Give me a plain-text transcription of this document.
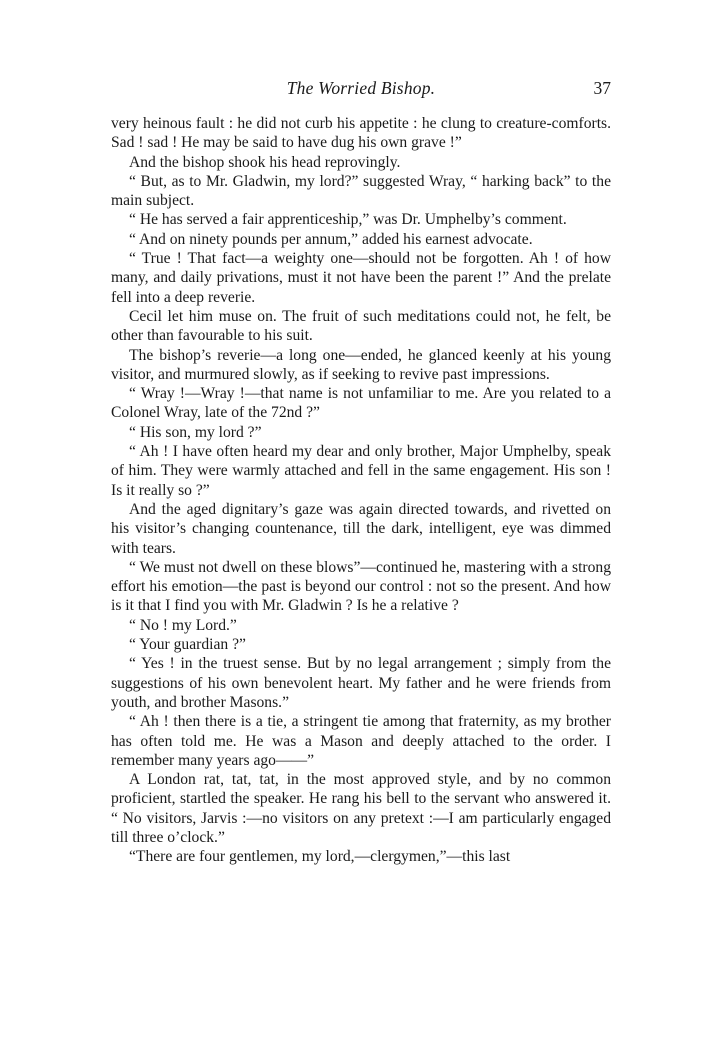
The Worried Bishop.	37

very heinous fault : he did not curb his appetite : he clung to creature-comforts. Sad ! sad ! He may be said to have dug his own grave !”

And the bishop shook his head reprovingly.

“ But, as to Mr. Gladwin, my lord?” suggested Wray, “ harking back” to the main subject.

“ He has served a fair apprenticeship,” was Dr. Umphelby’s comment.

“ And on ninety pounds per annum,” added his earnest advocate.

“ True ! That fact—a weighty one—should not be forgotten. Ah ! of how many, and daily privations, must it not have been the parent !” And the prelate fell into a deep reverie.

Cecil let him muse on. The fruit of such meditations could not, he felt, be other than favourable to his suit.

The bishop’s reverie—a long one—ended, he glanced keenly at his young visitor, and murmured slowly, as if seeking to revive past impressions.

“ Wray !—Wray !—that name is not unfamiliar to me. Are you related to a Colonel Wray, late of the 72nd ?”

“ His son, my lord ?”

“ Ah ! I have often heard my dear and only brother, Major Umphelby, speak of him. They were warmly attached and fell in the same engagement. His son ! Is it really so ?”

And the aged dignitary’s gaze was again directed towards, and rivetted on his visitor’s changing countenance, till the dark, intelligent, eye was dimmed with tears.

“ We must not dwell on these blows”—continued he, mastering with a strong effort his emotion—the past is beyond our control : not so the present. And how is it that I find you with Mr. Gladwin ? Is he a relative ?

“ No ! my Lord.”

“ Your guardian ?”

“ Yes ! in the truest sense. But by no legal arrangement ; simply from the suggestions of his own benevolent heart. My father and he were friends from youth, and brother Masons.”

“ Ah ! then there is a tie, a stringent tie among that fraternity, as my brother has often told me. He was a Mason and deeply attached to the order. I remember many years ago——”

A London rat, tat, tat, in the most approved style, and by no common proficient, startled the speaker. He rang his bell to the servant who answered it. “ No visitors, Jarvis :—no visitors on any pretext :—I am particularly engaged till three o’clock.”

“There are four gentlemen, my lord,—clergymen,”—this last
